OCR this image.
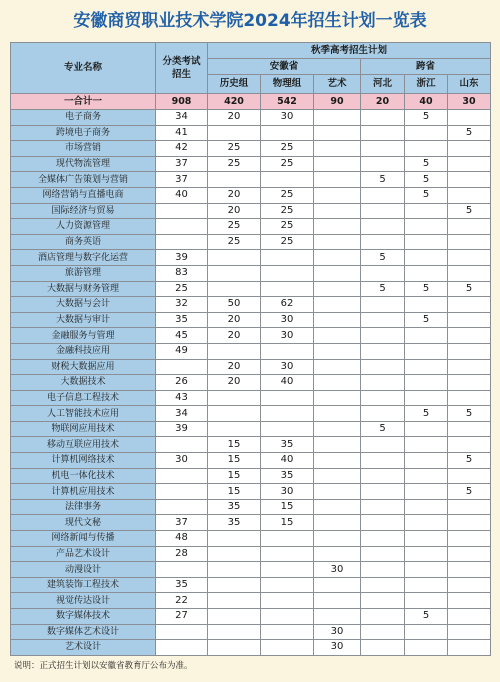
安徽商贸职业技术学院2024年招生计划一览表
专业名称	分类考试招生	秋季高考招生计划					
		安徽省			跨省		
		历史组	物理组	艺术	河北	浙江	山东
一合计一	908	420	542	90	20	40	30
电子商务	34	20	30			5	
跨境电子商务	41						5
市场营销	42	25	25				
现代物流管理	37	25	25			5	
全媒体广告策划与营销	37				5	5	
网络营销与直播电商	40	20	25			5	
国际经济与贸易		20	25				5
人力资源管理		25	25				
商务英语		25	25				
酒店管理与数字化运营	39				5		
旅游管理	83						
大数据与财务管理	25				5	5	5
大数据与会计	32	50	62				
大数据与审计	35	20	30			5	
金融服务与管理	45	20	30				
金融科技应用	49						
财税大数据应用		20	30				
大数据技术	26	20	40				
电子信息工程技术	43						
人工智能技术应用	34					5	5
物联网应用技术	39				5		
移动互联应用技术		15	35				
计算机网络技术	30	15	40				5
机电一体化技术		15	35				
计算机应用技术		15	30				5
法律事务		35	15				
现代文秘	37	35	15				
网络新闻与传播	48						
产品艺术设计	28						
动漫设计				30			
建筑装饰工程技术	35						
视觉传达设计	22						
数字媒体技术	27					5	
数字媒体艺术设计				30			
艺术设计				30			
说明：正式招生计划以安徽省教育厅公布为准。
